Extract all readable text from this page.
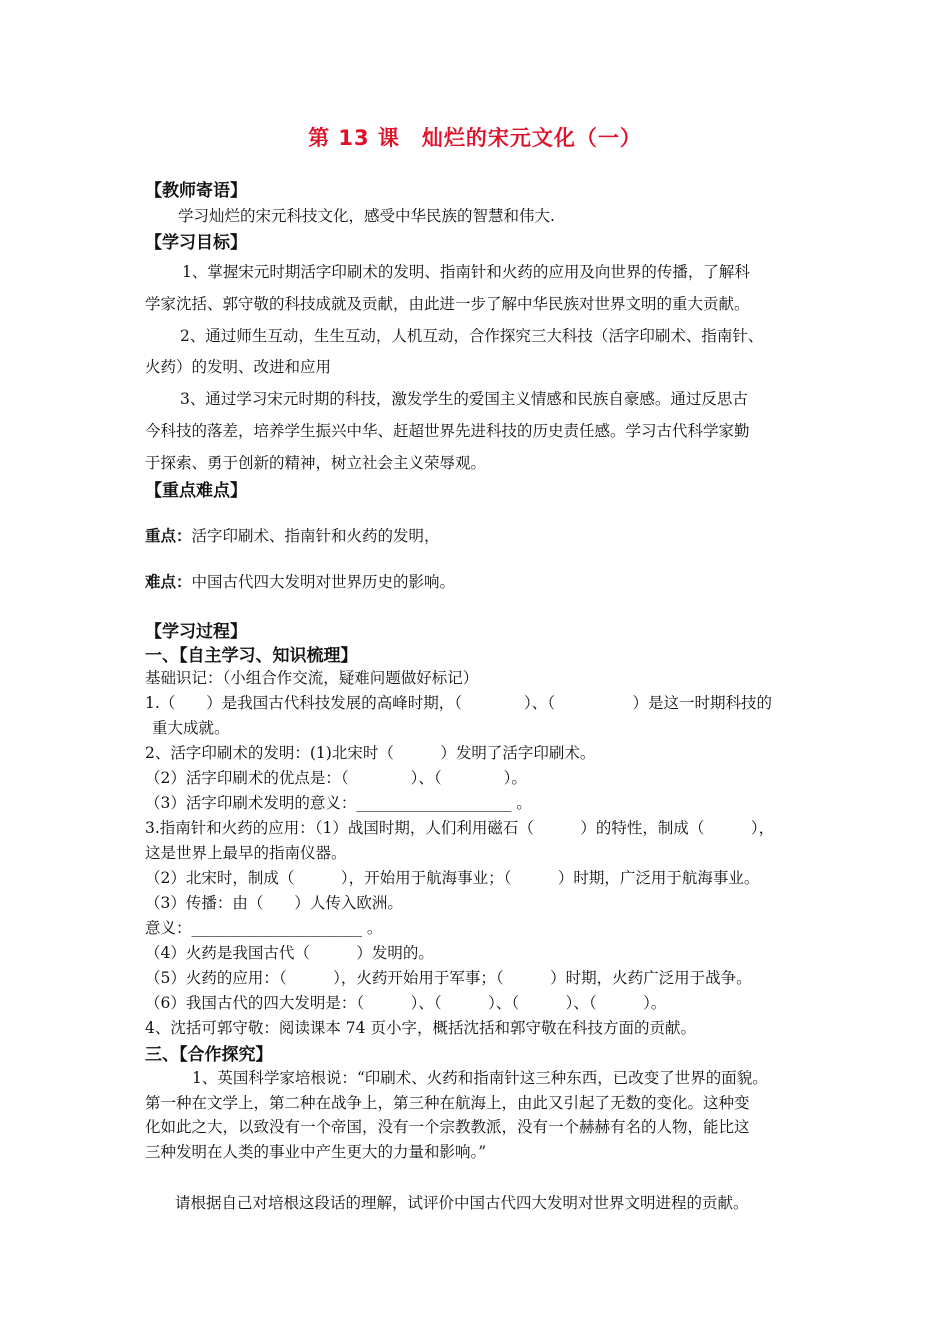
第 13 课　灿烂的宋元文化（一）
【教师寄语】
学习灿烂的宋元科技文化，感受中华民族的智慧和伟大.
【学习目标】
1、掌握宋元时期活字印刷术的发明、指南针和火药的应用及向世界的传播，了解科
学家沈括、郭守敬的科技成就及贡献，由此进一步了解中华民族对世界文明的重大贡献。
2、通过师生互动，生生互动，人机互动，合作探究三大科技（活字印刷术、指南针、
火药）的发明、改进和应用
3、通过学习宋元时期的科技，激发学生的爱国主义情感和民族自豪感。通过反思古
今科技的落差，培养学生振兴中华、赶超世界先进科技的历史责任感。学习古代科学家勤
于探索、勇于创新的精神，树立社会主义荣辱观。
【重点难点】
重点：活字印刷术、指南针和火药的发明，
难点：中国古代四大发明对世界历史的影响。
【学习过程】
一、【自主学习、知识梳理】
基础识记：（小组合作交流，疑难问题做好标记）
1.（　　）是我国古代科技发展的高峰时期，（　　　　）、（　　　　　）是这一时期科技的
重大成就。
2、活字印刷术的发明：(1)北宋时（　　　）发明了活字印刷术。
（2）活字印刷术的优点是：（　　　　）、（　　　　）。
（3）活字印刷术发明的意义：____________________ 。
3.指南针和火药的应用：（1）战国时期，人们利用磁石（　　　）的特性，制成（　　　），
这是世界上最早的指南仪器。
（2）北宋时，制成（　　　），开始用于航海事业；（　　　）时期，广泛用于航海事业。
（3）传播：由（　　）人传入欧洲。
意义：______________________ 。
（4）火药是我国古代（　　　）发明的。
（5）火药的应用：（　　　），火药开始用于军事；（　　　）时期，火药广泛用于战争。
（6）我国古代的四大发明是：（　　　）、（　　　）、（　　　）、（　　　）。
4、沈括可郭守敬：阅读课本 74 页小字，概括沈括和郭守敬在科技方面的贡献。
三、【合作探究】
1、英国科学家培根说：“印刷术、火药和指南针这三种东西，已改变了世界的面貌。
第一种在文学上，第二种在战争上，第三种在航海上，由此又引起了无数的变化。这种变
化如此之大，以致没有一个帝国，没有一个宗教教派，没有一个赫赫有名的人物，能比这
三种发明在人类的事业中产生更大的力量和影响。”
请根据自己对培根这段话的理解，试评价中国古代四大发明对世界文明进程的贡献。
